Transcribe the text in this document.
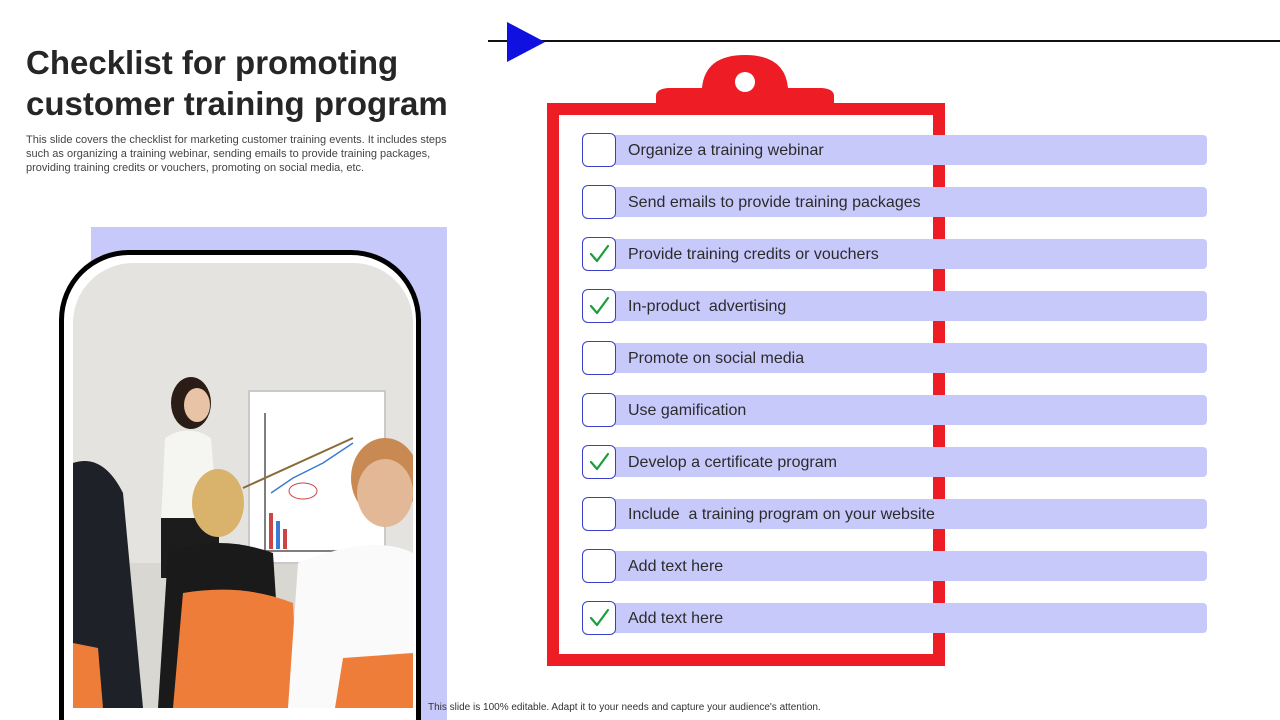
Checklist for promoting customer training program
This slide covers the checklist for marketing customer training events. It includes steps such as organizing a training webinar, sending emails to provide training packages, providing training credits or vouchers, promoting on social media, etc.
Organize a training webinar
Send emails to provide training packages
Provide training credits or vouchers
In-product  advertising
Promote on social media
Use gamification
Develop a certificate program
Include  a training program on your website
Add text here
Add text here
This slide is 100% editable. Adapt it to your needs and capture your audience's attention.
